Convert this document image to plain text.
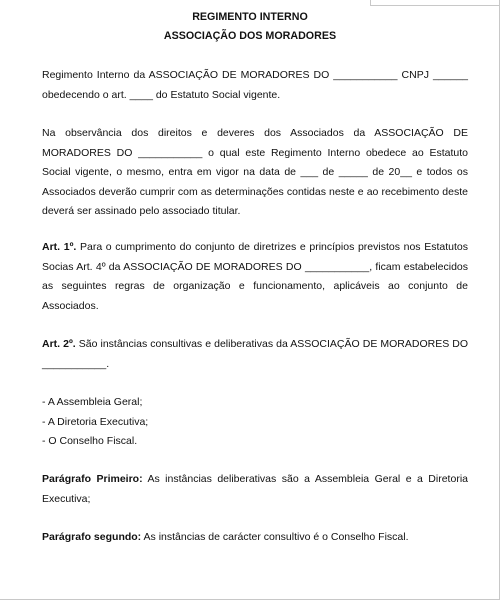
REGIMENTO INTERNO
ASSOCIAÇÃO DOS MORADORES

Regimento Interno da ASSOCIAÇÃO DE MORADORES DO ___________ CNPJ ______ obedecendo o art. ____ do Estatuto Social vigente.

Na observância dos direitos e deveres dos Associados da ASSOCIAÇÃO DE MORADORES DO ___________ o qual este Regimento Interno obedece ao Estatuto Social vigente, o mesmo, entra em vigor na data de ___ de _____ de 20__ e todos os Associados deverão cumprir com as determinações contidas neste e ao recebimento deste deverá ser assinado pelo associado titular.

Art. 1º. Para o cumprimento do conjunto de diretrizes e princípios previstos nos Estatutos Socias Art. 4º da ASSOCIAÇÃO DE MORADORES DO ___________, ficam estabelecidos as seguintes regras de organização e funcionamento, aplicáveis ao conjunto de Associados.

Art. 2º. São instâncias consultivas e deliberativas da ASSOCIAÇÃO DE MORADORES DO ___________.

- A Assembleia Geral;
- A Diretoria Executiva;
- O Conselho Fiscal.

Parágrafo Primeiro: As instâncias deliberativas são a Assembleia Geral e a Diretoria Executiva;

Parágrafo segundo: As instâncias de carácter consultivo é o Conselho Fiscal.
